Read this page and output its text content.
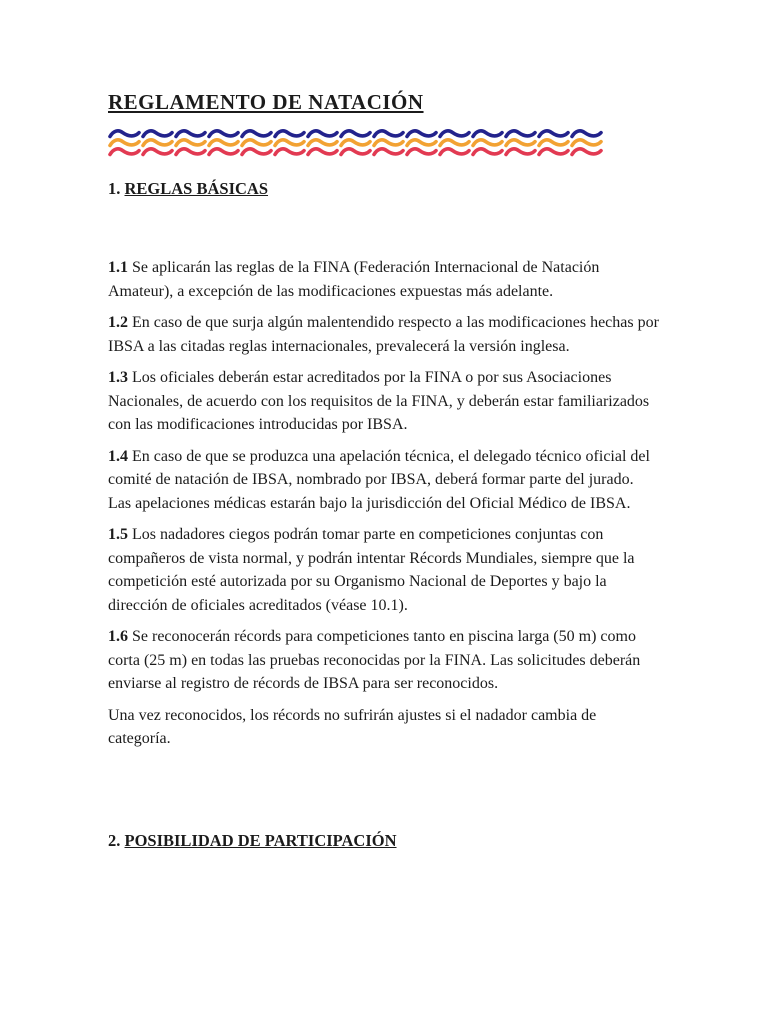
REGLAMENTO DE NATACIÓN
1. REGLAS BÁSICAS

1.1 Se aplicarán las reglas de la FINA (Federación Internacional de Natación Amateur), a excepción de las modificaciones expuestas más adelante.

1.2 En caso de que surja algún malentendido respecto a las modificaciones hechas por IBSA a las citadas reglas internacionales, prevalecerá la versión inglesa.

1.3 Los oficiales deberán estar acreditados por la FINA o por sus Asociaciones Nacionales, de acuerdo con los requisitos de la FINA, y deberán estar familiarizados con las modificaciones introducidas por IBSA.

1.4 En caso de que se produzca una apelación técnica, el delegado técnico oficial del comité de natación de IBSA, nombrado por IBSA, deberá formar parte del jurado. Las apelaciones médicas estarán bajo la jurisdicción del Oficial Médico de IBSA.

1.5 Los nadadores ciegos podrán tomar parte en competiciones conjuntas con compañeros de vista normal, y podrán intentar Récords Mundiales, siempre que la competición esté autorizada por su Organismo Nacional de Deportes y bajo la dirección de oficiales acreditados (véase 10.1).

1.6 Se reconocerán récords para competiciones tanto en piscina larga (50 m) como corta (25 m) en todas las pruebas reconocidas por la FINA. Las solicitudes deberán enviarse al registro de récords de IBSA para ser reconocidos.

Una vez reconocidos, los récords no sufrirán ajustes si el nadador cambia de categoría.

2. POSIBILIDAD DE PARTICIPACIÓN
